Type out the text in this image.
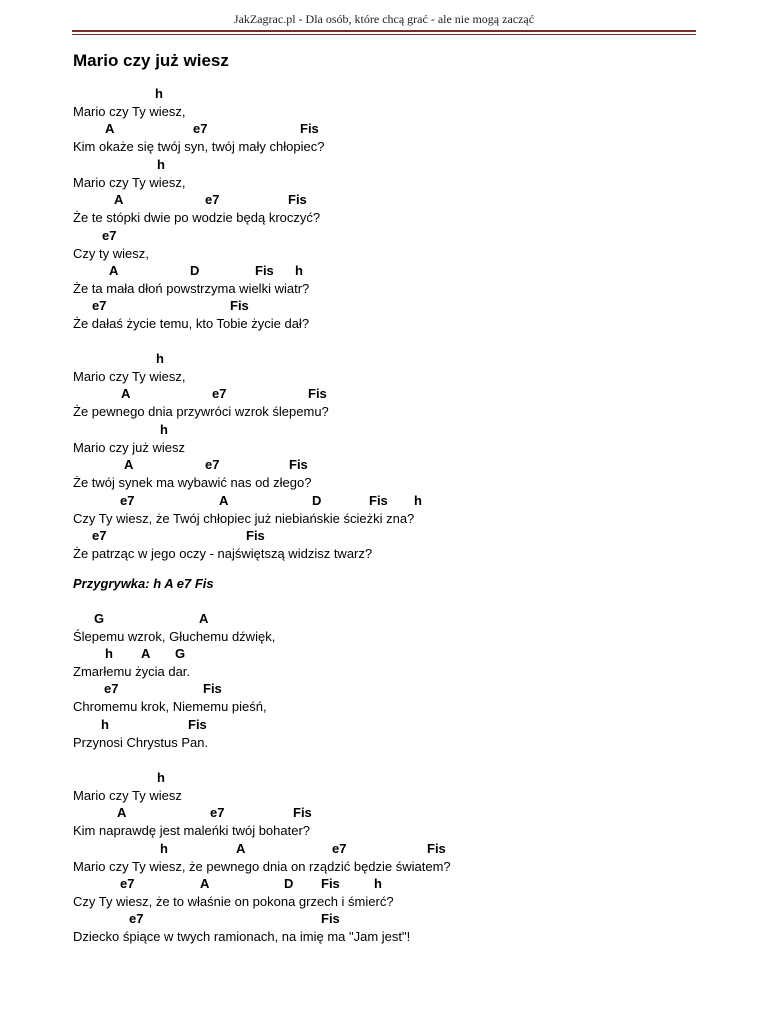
JakZagrac.pl - Dla osób, które chcą grać - ale nie mogą zacząć
Mario czy już wiesz
Przygrywka: h A e7 Fis
h
Mario czy Ty wiesz,
A	e7	Fis
Kim okaże się twój syn, twój mały chłopiec?
h
Mario czy Ty wiesz,
A	e7	Fis
Że te stópki dwie po wodzie będą kroczyć?
e7
Czy ty wiesz,
A	D	Fis h
Że ta mała dłoń powstrzyma wielki wiatr?
e7	Fis
Że dałaś życie temu, kto Tobie życie dał?
h
Mario czy Ty wiesz,
A	e7	Fis
Że pewnego dnia przywróci wzrok ślepemu?
h
Mario czy już wiesz
A	e7	Fis
Że twój synek ma wybawić nas od złego?
e7	A	D	Fis h
Czy Ty wiesz, że Twój chłopiec już niebiańskie ścieżki zna?
e7	Fis
Że patrząc w jego oczy - najświętszą widzisz twarz?
G	A
Ślepemu wzrok, Głuchemu dźwięk,
h A G
Zmarłemu życia dar.
e7	Fis
Chromemu krok, Niememu pieśń,
h	Fis
Przynosi Chrystus Pan.
h
Mario czy Ty wiesz
A	e7	Fis
Kim naprawdę jest maleńki twój bohater?
h	A	e7	Fis
Mario czy Ty wiesz, że pewnego dnia on rządzić będzie światem?
e7	A	D Fis	h
Czy Ty wiesz, że to właśnie on pokona grzech i śmierć?
e7	Fis
Dziecko śpiące w twych ramionach, na imię ma "Jam jest"!
